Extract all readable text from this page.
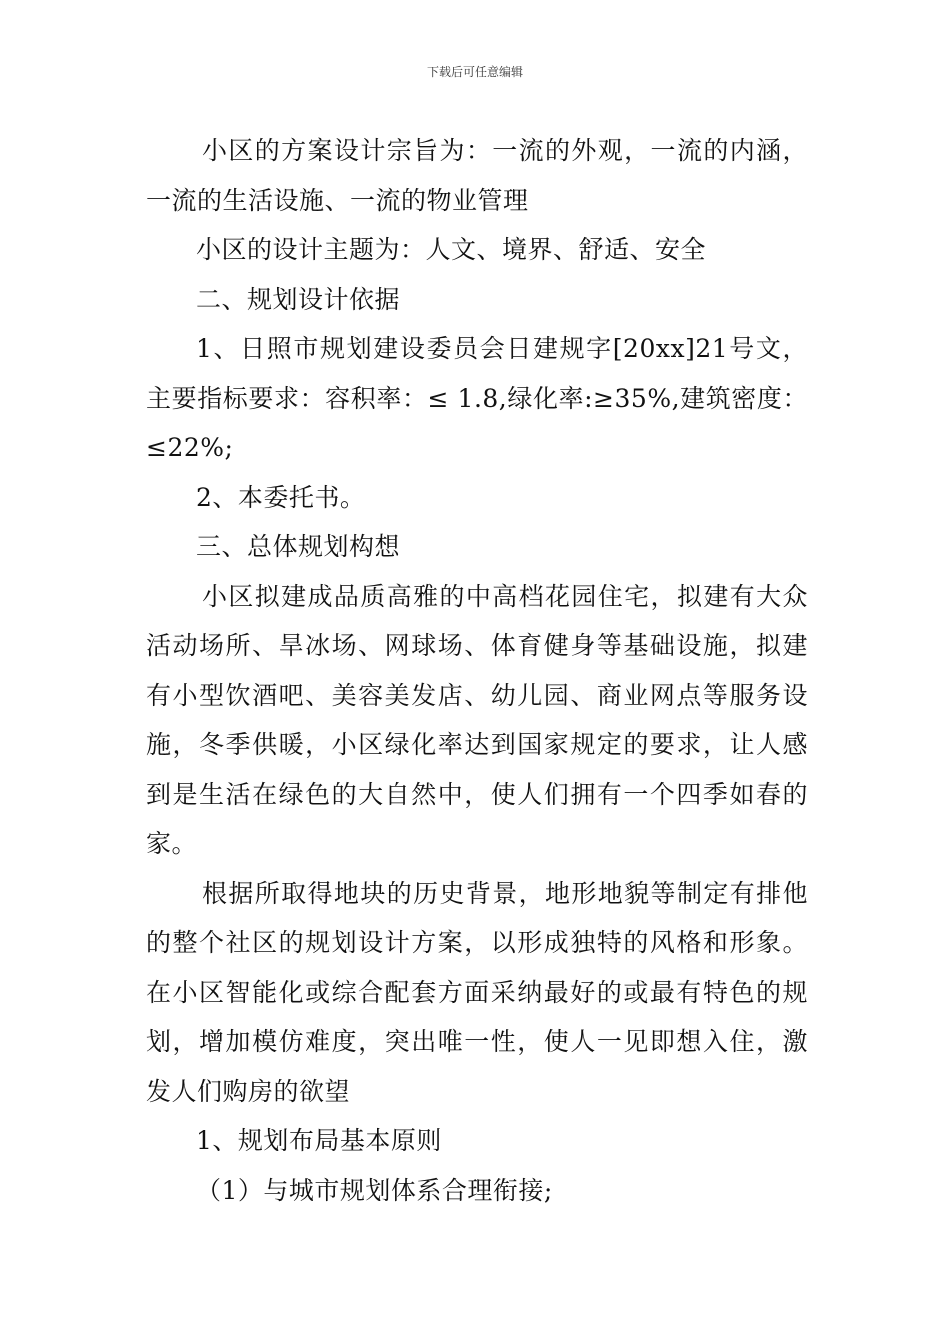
下载后可任意编辑

小区的方案设计宗旨为：一流的外观，一流的内涵，一流的生活设施、一流的物业管理

小区的设计主题为：人文、境界、舒适、安全

二、规划设计依据

1、日照市规划建设委员会日建规字[20xx]21号文，主要指标要求：容积率：≤ 1.8,绿化率:≥35%,建筑密度：≤22%;

2、本委托书。

三、总体规划构想

小区拟建成品质高雅的中高档花园住宅，拟建有大众活动场所、旱冰场、网球场、体育健身等基础设施，拟建有小型饮酒吧、美容美发店、幼儿园、商业网点等服务设施，冬季供暖，小区绿化率达到国家规定的要求，让人感到是生活在绿色的大自然中，使人们拥有一个四季如春的家。

根据所取得地块的历史背景，地形地貌等制定有排他的整个社区的规划设计方案，以形成独特的风格和形象。在小区智能化或综合配套方面采纳最好的或最有特色的规划，增加模仿难度，突出唯一性，使人一见即想入住，激发人们购房的欲望

1、规划布局基本原则

（1）与城市规划体系合理衔接;
